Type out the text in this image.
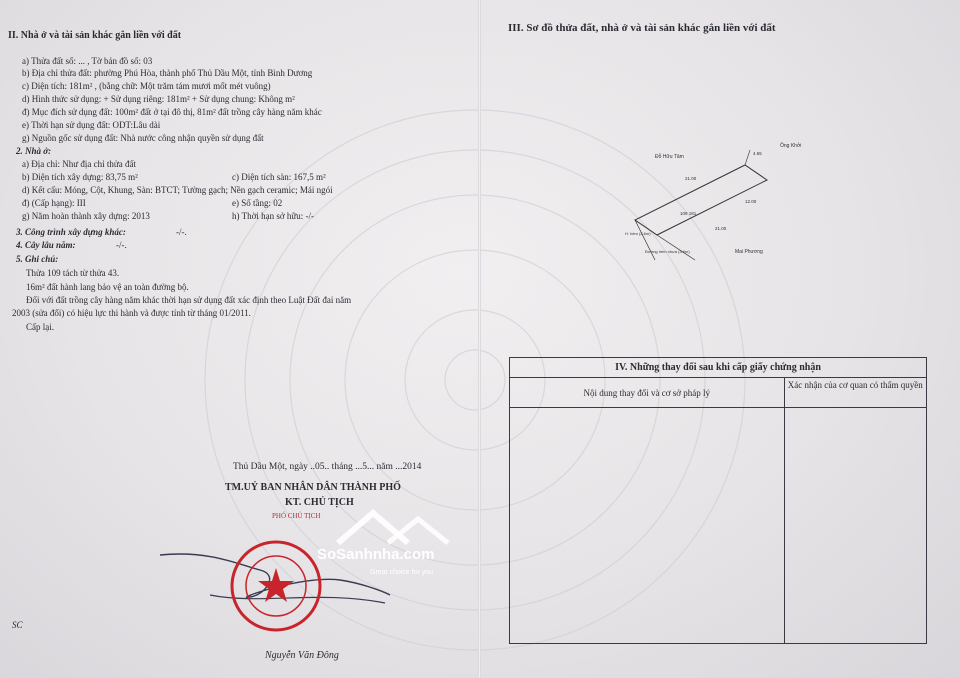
II. Nhà ở và tài sản khác gắn liền với đất
a) Thửa đất số: ... , Tờ bản đồ số: 03
b) Địa chỉ thửa đất: phường Phú Hòa, thành phố Thủ Dầu Một, tỉnh Bình Dương
c) Diện tích: 181m² , (bằng chữ: Một trăm tám mươi mốt mét vuông)
d) Hình thức sử dụng: + Sử dụng riêng: 181m² + Sử dụng chung: Không m²
đ) Mục đích sử dụng đất: 100m² đất ở tại đô thị, 81m² đất trồng cây hàng năm khác
e) Thời hạn sử dụng đất: ODT:Lâu dài
g) Nguồn gốc sử dụng đất: Nhà nước công nhận quyền sử dụng đất
2. Nhà ở:
a) Địa chỉ: Như địa chỉ thửa đất
b) Diện tích xây dựng: 83,75 m²	c) Diện tích sàn: 167,5 m²
d) Kết cấu: Móng, Cột, Khung, Sàn: BTCT; Tường gạch; Nền gạch ceramic; Mái ngói
đ) (Cấp hạng): III	e) Số tầng: 02
g) Năm hoàn thành xây dựng: 2013	h) Thời hạn sở hữu: -/-
3. Công trình xây dựng khác:	-/-.
4. Cây lâu năm:	-/-.
5. Ghi chú:
Thửa 109 tách từ thửa 43.
16m² đất hành lang bảo vệ an toàn đường bộ.
Đối với đất trồng cây hàng năm khác thời hạn sử dụng đất xác định theo Luật Đất đai năm
2003 (sửa đổi) có hiệu lực thi hành và được tính từ tháng 01/2011.
Cấp lại.
Thủ Dầu Một, ngày ..05.. tháng ...5... năm ...2014
TM.UỶ BAN NHÂN DÂN THÀNH PHỐ
KT. CHỦ TỊCH
PHÓ CHỦ TỊCH
Nguyễn Văn Đông
SC
SoSanhnha.com
Great choice for you
III. Sơ đồ thửa đất, nhà ở và tài sản khác gắn liền với đất
Đỗ Hữu Tâm
Ông Khởi
Mai Phương
21.00
21.00
4.65
12.00
109 181
H. hẻm (2.6m)
Đường hẻm nhựa (3.6m)
IV. Những thay đổi sau khi cấp giấy chứng nhận	
Nội dung thay đổi và cơ sở pháp lý	Xác nhận của cơ quan có thẩm quyền
